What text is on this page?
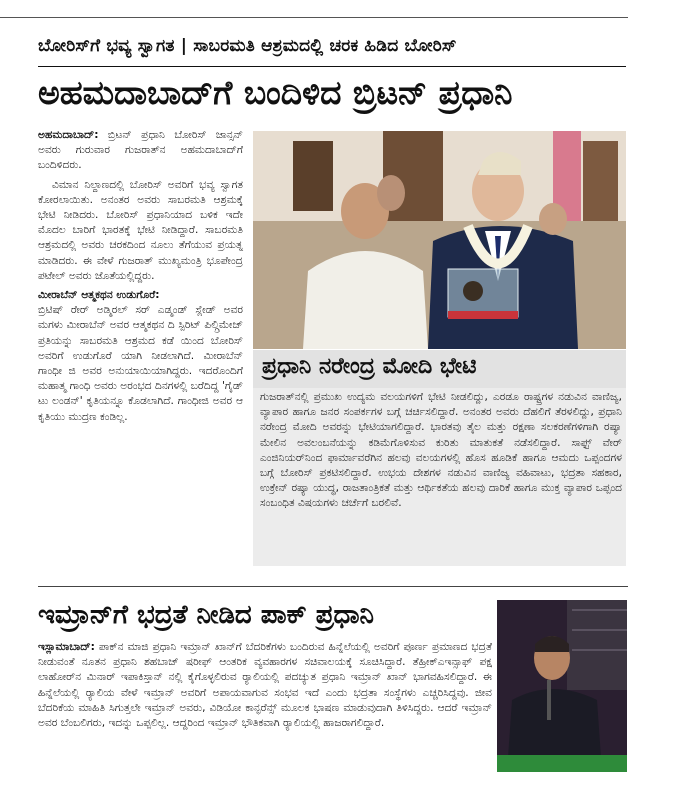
ಬೋರಿಸ್‌ಗೆ ಭವ್ಯ ಸ್ವಾಗತ | ಸಾಬರಮತಿ ಆಶ್ರಮದಲ್ಲಿ ಚರಕ ಹಿಡಿದ ಬೋರಿಸ್
ಅಹಮದಾಬಾದ್‌ಗೆ ಬಂದಿಳಿದ ಬ್ರಿಟನ್ ಪ್ರಧಾನಿ

ಅಹಮದಾಬಾದ್: ಬ್ರಿಟನ್ ಪ್ರಧಾನಿ ಬೋರಿಸ್ ಜಾನ್ಸನ್ ಅವರು ಗುರುವಾರ ಗುಜರಾತ್‌ನ ಅಹಮದಾಬಾದ್‌ಗೆ ಬಂದಿಳಿದರು.

ವಿಮಾನ ನಿಲ್ದಾಣದಲ್ಲಿ ಬೋರಿಸ್ ಅವರಿಗೆ ಭವ್ಯ ಸ್ವಾಗತ ಕೋರಲಾಯಿತು. ಅನಂತರ ಅವರು ಸಾಬರಮತಿ ಆಶ್ರಮಕ್ಕೆ ಭೇಟಿ ನೀಡಿದರು. ಬೋರಿಸ್ ಪ್ರಧಾನಿಯಾದ ಬಳಿಕ ಇದೇ ಮೊದಲ ಬಾರಿಗೆ ಭಾರತಕ್ಕೆ ಭೇಟಿ ನೀಡಿದ್ದಾರೆ. ಸಾಬರಮತಿ ಆಶ್ರಮದಲ್ಲಿ ಅವರು ಚರಕದಿಂದ ನೂಲು ತೆಗೆಯುವ ಪ್ರಯತ್ನ ಮಾಡಿದರು. ಈ ವೇಳೆ ಗುಜರಾತ್ ಮುಖ್ಯಮಂತ್ರಿ ಭೂಪೇಂದ್ರ ಪಟೇಲ್ ಅವರು ಜೊತೆಯಲ್ಲಿದ್ದರು.

ಮೀರಾಬೆನ್ ಆತ್ಮಕಥನ ಉಡುಗೊರೆ:

ಬ್ರಿಟಿಷ್ ರೇರ್ ಅಡ್ಮಿರಲ್ ಸರ್ ಎಡ್ಮಂಡ್ ಸ್ಲೇಡ್ ಅವರ ಮಗಳು ಮೀರಾಬೆನ್ ಅವರ ಆತ್ಮಕಥನ ದಿ ಸ್ಪಿರಿಟ್ ಪಿಲ್ಗ್ರಿಮೇಜ್ ಪ್ರತಿಯನ್ನು ಸಾಬರಮತಿ ಆಶ್ರಮದ ಕಡೆ ಯಿಂದ ಬೋರಿಸ್ ಅವರಿಗೆ ಉಡುಗೊರೆ ಯಾಗಿ ನೀಡಲಾಗಿದೆ. ಮೀರಾಬೆನ್ ಗಾಂಧೀ ಜಿ ಅವರ ಅನುಯಾಯಿಯಾಗಿದ್ದರು. ಇದರೊಂದಿಗೆ ಮಹಾತ್ಮ ಗಾಂಧಿ ಅವರು ಅರಂಭದ ದಿನಗಳಲ್ಲಿ ಬರೆದಿದ್ದ 'ಗೈಡ್ ಟು ಲಂಡನ್' ಕೃತಿಯನ್ನೂ ಕೊಡಲಾಗಿದೆ. ಗಾಂಧೀಜಿ ಅವರ ಆ ಕೃತಿಯು ಮುದ್ರಣ ಕಂಡಿಲ್ಲ.

ಪ್ರಧಾನಿ ನರೇಂದ್ರ ಮೋದಿ ಭೇಟಿ
ಗುಜರಾತ್‌ನಲ್ಲಿ ಪ್ರಮುಖ ಉದ್ಯಮ ವಲಯಗಳಿಗೆ ಭೇಟಿ ನೀಡಲಿದ್ದು, ಎರಡೂ ರಾಷ್ಟ್ರಗಳ ನಡುವಿನ ವಾಣಿಜ್ಯ, ವ್ಯಾಪಾರ ಹಾಗೂ ಜನರ ಸಂಪರ್ಕಗಳ ಬಗ್ಗೆ ಚರ್ಚಿಸಲಿದ್ದಾರೆ. ಅನಂತರ ಅವರು ದೆಹಲಿಗೆ ತೆರಳಲಿದ್ದು, ಪ್ರಧಾನಿ ನರೇಂದ್ರ ಮೋದಿ ಅವರನ್ನು ಭೇಟಿಯಾಗಲಿದ್ದಾರೆ. ಭಾರತವು ತೈಲ ಮತ್ತು ರಕ್ಷಣಾ ಸಲಕರಣೆಗಳಿಗಾಗಿ ರಷ್ಯಾ ಮೇಲಿನ ಅವಲಂಬನೆಯನ್ನು ಕಡಿಮೆಗೊಳಿಸುವ ಕುರಿತು ಮಾತುಕತೆ ನಡೆಸಲಿದ್ದಾರೆ. ಸಾಫ್ಟ್ ವೇರ್ ಎಂಜಿನಿಯರ್‌ನಿಂದ ಫಾರ್ಮಾವರೆಗಿನ ಹಲವು ವಲಯಗಳಲ್ಲಿ ಹೊಸ ಹೂಡಿಕೆ ಹಾಗೂ ಆಮದು ಒಪ್ಪಂದಗಳ ಬಗ್ಗೆ ಬೋರಿಸ್ ಪ್ರಕಟಿಸಲಿದ್ದಾರೆ. ಉಭಯ ದೇಶಗಳ ನಡುವಿನ ವಾಣಿಜ್ಯ ವಹಿವಾಟು, ಭದ್ರತಾ ಸಹಕಾರ, ಉಕ್ರೇನ್ ರಷ್ಯಾ ಯುದ್ಧ, ರಾಜತಾಂತ್ರಿಕತೆ ಮತ್ತು ಆರ್ಥಿಕತೆಯ ಹಲವು ದಾರಿಕೆ ಹಾಗೂ ಮುಕ್ತ ವ್ಯಾಪಾರ ಒಪ್ಪಂದ ಸಂಬಂಧಿತ ವಿಷಯಗಳು ಚರ್ಚೆಗೆ ಬರಲಿವೆ.
ಇಮ್ರಾನ್‌ಗೆ ಭದ್ರತೆ ನೀಡಿದ ಪಾಕ್ ಪ್ರಧಾನಿ
ಇಸ್ಲಾಮಾಬಾದ್: ಪಾಕ್‌ನ ಮಾಜಿ ಪ್ರಧಾನಿ ಇಮ್ರಾನ್ ಖಾನ್‌ಗೆ ಬೆದರಿಕೆಗಳು ಬಂದಿರುವ ಹಿನ್ನೆಲೆಯಲ್ಲಿ ಅವರಿಗೆ ಪೂರ್ಣ ಪ್ರಮಾಣದ ಭದ್ರತೆ ನೀಡುವಂತೆ ನೂತನ ಪ್ರಧಾನಿ ಶಹಬಾಜ್ ಷರೀಫ್ ಆಂತರಿಕ ವ್ಯವಹಾರಗಳ ಸಚಿವಾಲಯಕ್ಕೆ ಸೂಚಿಸಿದ್ದಾರೆ. ತೆಹ್ರೀಕ್‌ಎ‌ಇನ್ಸಾಫ್ ಪಕ್ಷ ಲಾಹೋರ್‌ನ ಮಿನಾರ್ ಇ‌ಪಾಕಿಸ್ತಾನ್ ನಲ್ಲಿ ಕೈಗೊಳ್ಳಲಿರುವ ರ‍್ಯಾಲಿಯಲ್ಲಿ ಪದಚ್ಯುತ ಪ್ರಧಾನಿ ಇಮ್ರಾನ್ ಖಾನ್ ಭಾಗವಹಿಸಲಿದ್ದಾರೆ. ಈ ಹಿನ್ನೆಲೆಯಲ್ಲಿ ರ‍್ಯಾಲಿಯ ವೇಳೆ ಇಮ್ರಾನ್ ಅವರಿಗೆ ಅಪಾಯವಾಗುವ ಸಂಭವ ಇದೆ ಎಂದು ಭದ್ರತಾ ಸಂಸ್ಥೆಗಳು ಎಚ್ಚರಿಸಿದ್ದವು. ಜೀವ ಬೆದರಿಕೆಯ ಮಾಹಿತಿ ಸಿಗುತ್ತಲೇ ಇಮ್ರಾನ್ ಅವರು, ವಿಡಿಯೋ ಕಾನ್ಫರೆನ್ಸ್ ಮೂಲಕ ಭಾಷಣ ಮಾಡುವುದಾಗಿ ತಿಳಿಸಿದ್ದರು. ಆದರೆ ಇಮ್ರಾನ್ ಅವರ ಬೆಂಬಲಿಗರು, ಇದನ್ನು ಒಪ್ಪಲಿಲ್ಲ. ಆದ್ದರಿಂದ ಇಮ್ರಾನ್ ಭೌತಿಕವಾಗಿ ರ‍್ಯಾಲಿಯಲ್ಲಿ ಹಾಜರಾಗಲಿದ್ದಾರೆ.
